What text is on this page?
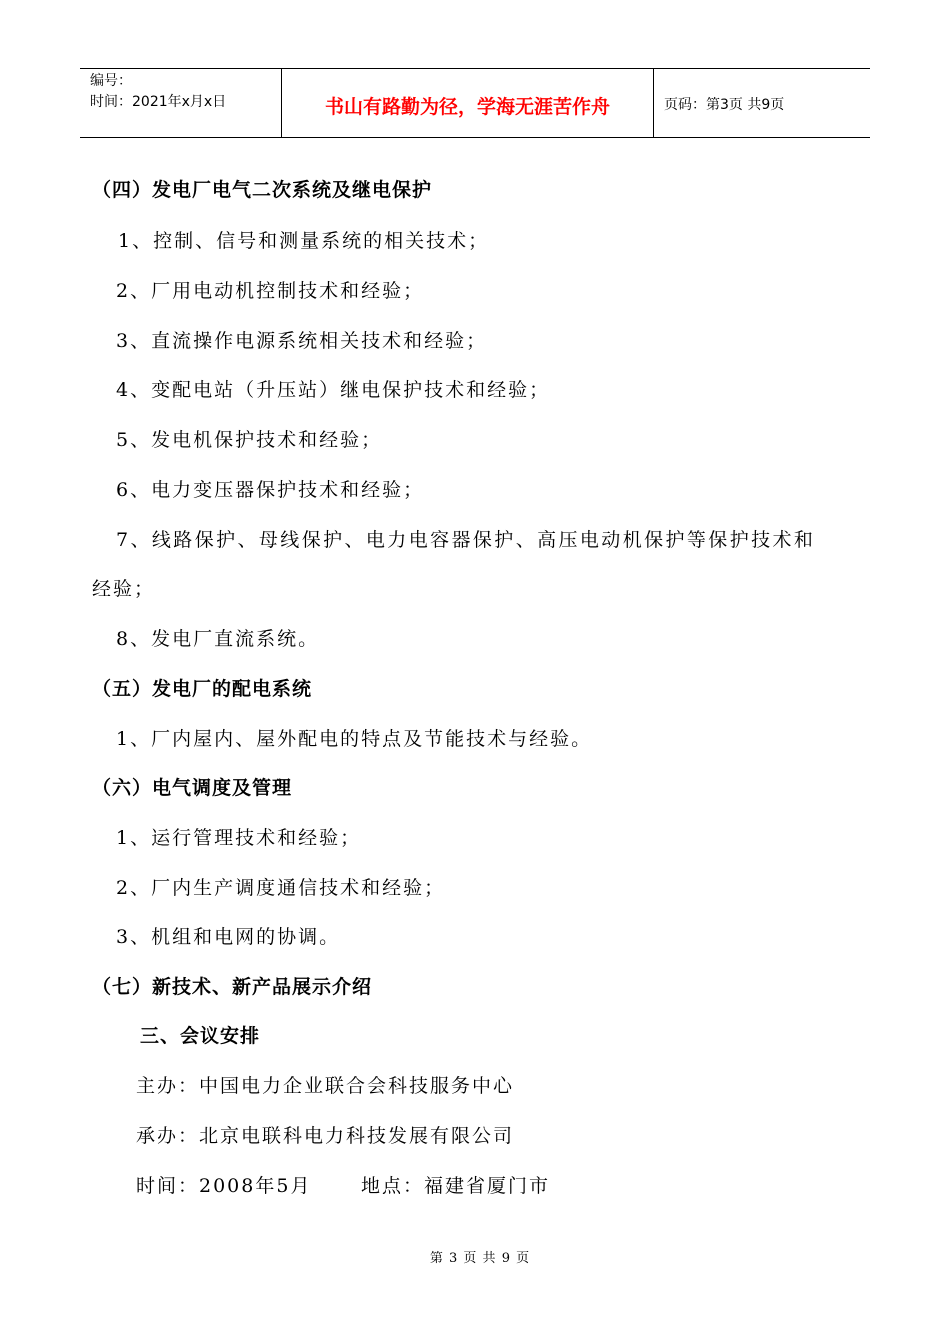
编号：
时间：2021年x月x日	书山有路勤为径，学海无涯苦作舟	页码：第3页 共9页
（四）发电厂电气二次系统及继电保护
1、控制、信号和测量系统的相关技术；
2、厂用电动机控制技术和经验；
3、直流操作电源系统相关技术和经验；
4、变配电站（升压站）继电保护技术和经验；
5、发电机保护技术和经验；
6、电力变压器保护技术和经验；
7、线路保护、母线保护、电力电容器保护、高压电动机保护等保护技术和
经验；
8、发电厂直流系统。
（五）发电厂的配电系统
1、厂内屋内、屋外配电的特点及节能技术与经验。
（六）电气调度及管理
1、运行管理技术和经验；
2、厂内生产调度通信技术和经验；
3、机组和电网的协调。
（七）新技术、新产品展示介绍
三、会议安排
主办：中国电力企业联合会科技服务中心
承办：北京电联科电力科技发展有限公司
时间：2008年5月	地点：福建省厦门市
第 3 页 共 9 页
